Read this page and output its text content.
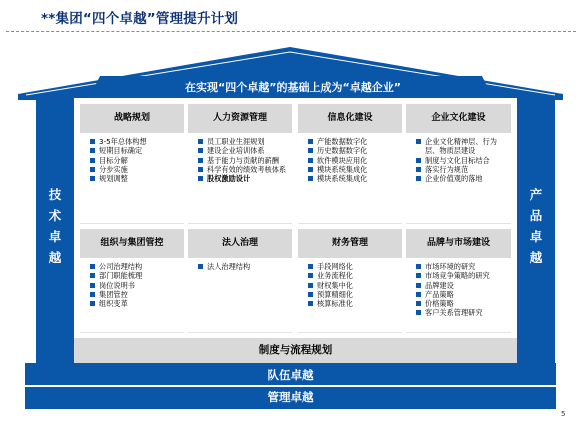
**集团“四个卓越”管理提升计划
在实现“四个卓越”的基础上成为“卓越企业”
技
术
卓
越
产
品
卓
越
战略规划
3-5年总体构想
短期目标确定
目标分解
分步实施
规划调整
人力资源管理
员工职业生涯规划
建设企业培训体系
基于能力与贡献的薪酬
科学有效的绩效考核体系
股权激励设计
信息化建设
产能数据数字化
历史数据数字化
软件模块应用化
模块系统集成化
模块系统集成化
企业文化建设
企业文化精神层、行为层、物质层建设
制度与文化目标结合
落实行为规范
企业价值观的落地
组织与集团管控
公司治理结构
部门职能梳理
岗位说明书
集团管控
组织变革
法人治理
法人治理结构
财务管理
手段网络化
业务流程化
财权集中化
预算精细化
核算标准化
品牌与市场建设
市场环境的研究
市场竞争策略的研究
品牌建设
产品策略
价格策略
客户关系管理研究
制度与流程规划
队伍卓越
管理卓越
5
